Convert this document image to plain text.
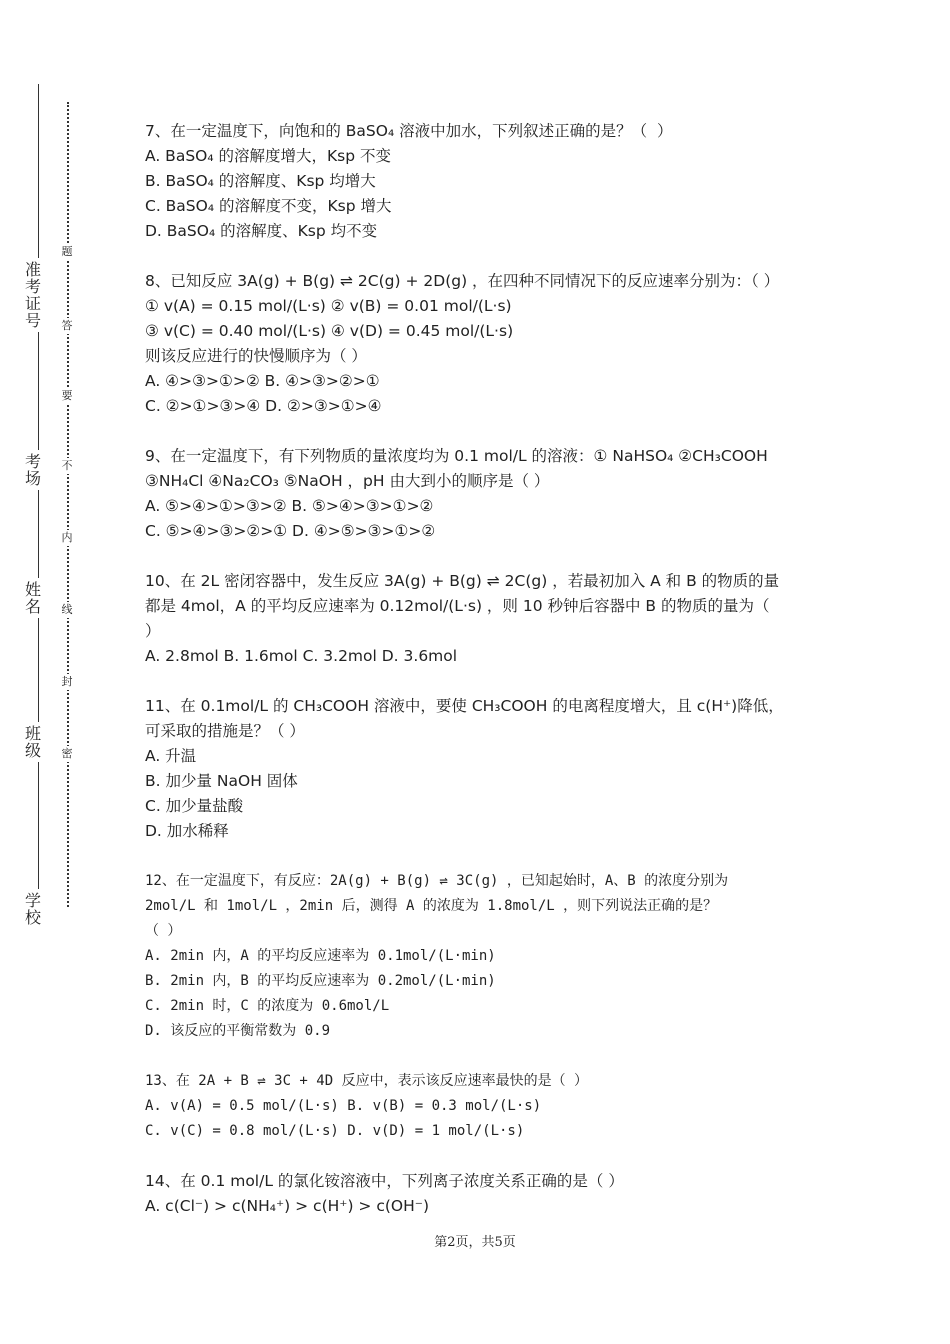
准考证号
考场
姓名
班级
学校
题
答
要
不
内
线
封
密
7、在一定温度下，向饱和的 BaSO₄ 溶液中加水，下列叙述正确的是？（  ）
A. BaSO₄ 的溶解度增大，Ksp 不变
B. BaSO₄ 的溶解度、Ksp 均增大
C. BaSO₄ 的溶解度不变，Ksp 增大
D. BaSO₄ 的溶解度、Ksp 均不变
8、已知反应 3A(g) + B(g) ⇌ 2C(g) + 2D(g) ，在四种不同情况下的反应速率分别为：（ ）
① v(A) = 0.15 mol/(L·s) ② v(B) = 0.01 mol/(L·s)
③ v(C) = 0.40 mol/(L·s) ④ v(D) = 0.45 mol/(L·s)
则该反应进行的快慢顺序为（ ）
A. ④>③>①>② B. ④>③>②>①
C. ②>①>③>④ D. ②>③>①>④
9、在一定温度下，有下列物质的量浓度均为 0.1 mol/L 的溶液：① NaHSO₄ ②CH₃COOH
③NH₄Cl ④Na₂CO₃ ⑤NaOH ，pH 由大到小的顺序是（ ）
A. ⑤>④>①>③>② B. ⑤>④>③>①>②
C. ⑤>④>③>②>① D. ④>⑤>③>①>②
10、在 2L 密闭容器中，发生反应 3A(g) + B(g) ⇌ 2C(g) ，若最初加入 A 和 B 的物质的量
都是 4mol，A 的平均反应速率为 0.12mol/(L·s) ，则 10 秒钟后容器中 B 的物质的量为（
）
A. 2.8mol B. 1.6mol C. 3.2mol D. 3.6mol
11、在 0.1mol/L 的 CH₃COOH 溶液中，要使 CH₃COOH 的电离程度增大，且 c(H⁺)降低，
可采取的措施是？（ ）
A. 升温
B. 加少量 NaOH 固体
C. 加少量盐酸
D. 加水稀释
12、在一定温度下，有反应：2A(g) + B(g) ⇌ 3C(g) ，已知起始时，A、B 的浓度分别为
2mol/L 和 1mol/L ，2min 后，测得 A 的浓度为 1.8mol/L ，则下列说法正确的是？
（ ）
A. 2min 内，A 的平均反应速率为 0.1mol/(L·min)
B. 2min 内，B 的平均反应速率为 0.2mol/(L·min)
C. 2min 时，C 的浓度为 0.6mol/L
D. 该反应的平衡常数为 0.9
13、在 2A + B ⇌ 3C + 4D 反应中，表示该反应速率最快的是（ ）
A. v(A) = 0.5 mol/(L·s) B. v(B) = 0.3 mol/(L·s)
C. v(C) = 0.8 mol/(L·s) D. v(D) = 1 mol/(L·s)
14、在 0.1 mol/L 的氯化铵溶液中，下列离子浓度关系正确的是（ ）
A. c(Cl⁻) > c(NH₄⁺) > c(H⁺) > c(OH⁻)
第2页，共5页
